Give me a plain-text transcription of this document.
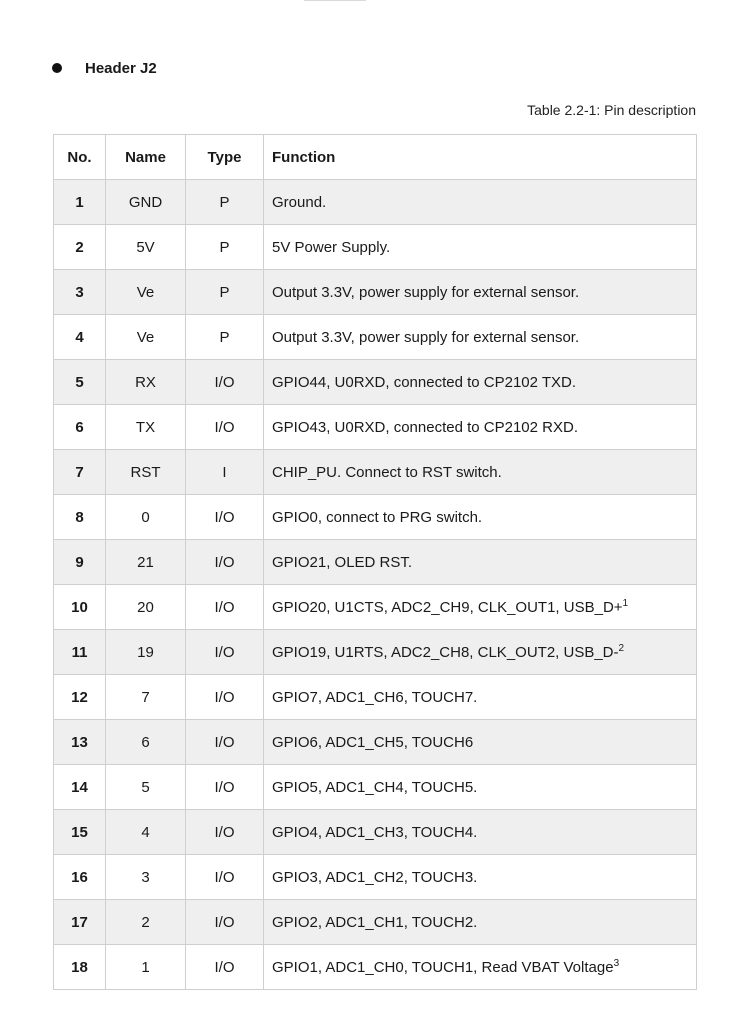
Header J2
Table 2.2-1: Pin description
No.	Name	Type	Function
1	GND	P	Ground.
2	5V	P	5V Power Supply.
3	Ve	P	Output 3.3V, power supply for external sensor.
4	Ve	P	Output 3.3V, power supply for external sensor.
5	RX	I/O	GPIO44, U0RXD, connected to CP2102 TXD.
6	TX	I/O	GPIO43, U0RXD, connected to CP2102 RXD.
7	RST	I	CHIP_PU. Connect to RST switch.
8	0	I/O	GPIO0, connect to PRG switch.
9	21	I/O	GPIO21, OLED RST.
10	20	I/O	GPIO20, U1CTS, ADC2_CH9, CLK_OUT1, USB_D+$^1$
11	19	I/O	GPIO19, U1RTS, ADC2_CH8, CLK_OUT2, USB_D-$^2$
12	7	I/O	GPIO7, ADC1_CH6, TOUCH7.
13	6	I/O	GPIO6, ADC1_CH5, TOUCH6
14	5	I/O	GPIO5, ADC1_CH4, TOUCH5.
15	4	I/O	GPIO4, ADC1_CH3, TOUCH4.
16	3	I/O	GPIO3, ADC1_CH2, TOUCH3.
17	2	I/O	GPIO2, ADC1_CH1, TOUCH2.
18	1	I/O	GPIO1, ADC1_CH0, TOUCH1, Read VBAT Voltage$^3$
